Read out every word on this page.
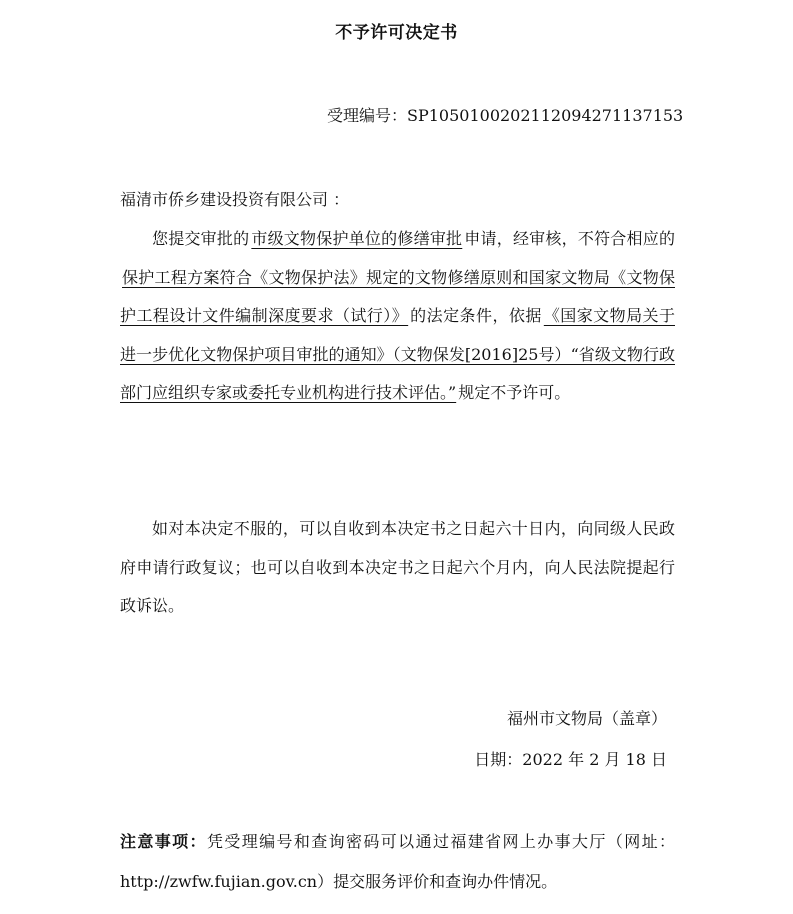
不予许可决定书
受理编号：SP1050100202112094271137153
福清市侨乡建设投资有限公司 ：
您提交审批的 市级文物保护单位的修缮审批 申请，经审核，不符合相应的保护工程方案符合《文物保护法》规定的文物修缮原则和国家文物局《文物保护工程设计文件编制深度要求（试行）》 的法定条件，依据 《国家文物局关于进一步优化文物保护项目审批的通知》（文物保发[2016]25号）“省级文物行政部门应组织专家或委托专业机构进行技术评估。” 规定不予许可。
如对本决定不服的，可以自收到本决定书之日起六十日内，向同级人民政府申请行政复议；也可以自收到本决定书之日起六个月内，向人民法院提起行政诉讼。
福州市文物局（盖章）
日期：2022 年 2 月 18 日
注意事项：凭受理编号和查询密码可以通过福建省网上办事大厅（网址：http://zwfw.fujian.gov.cn）提交服务评价和查询办件情况。
